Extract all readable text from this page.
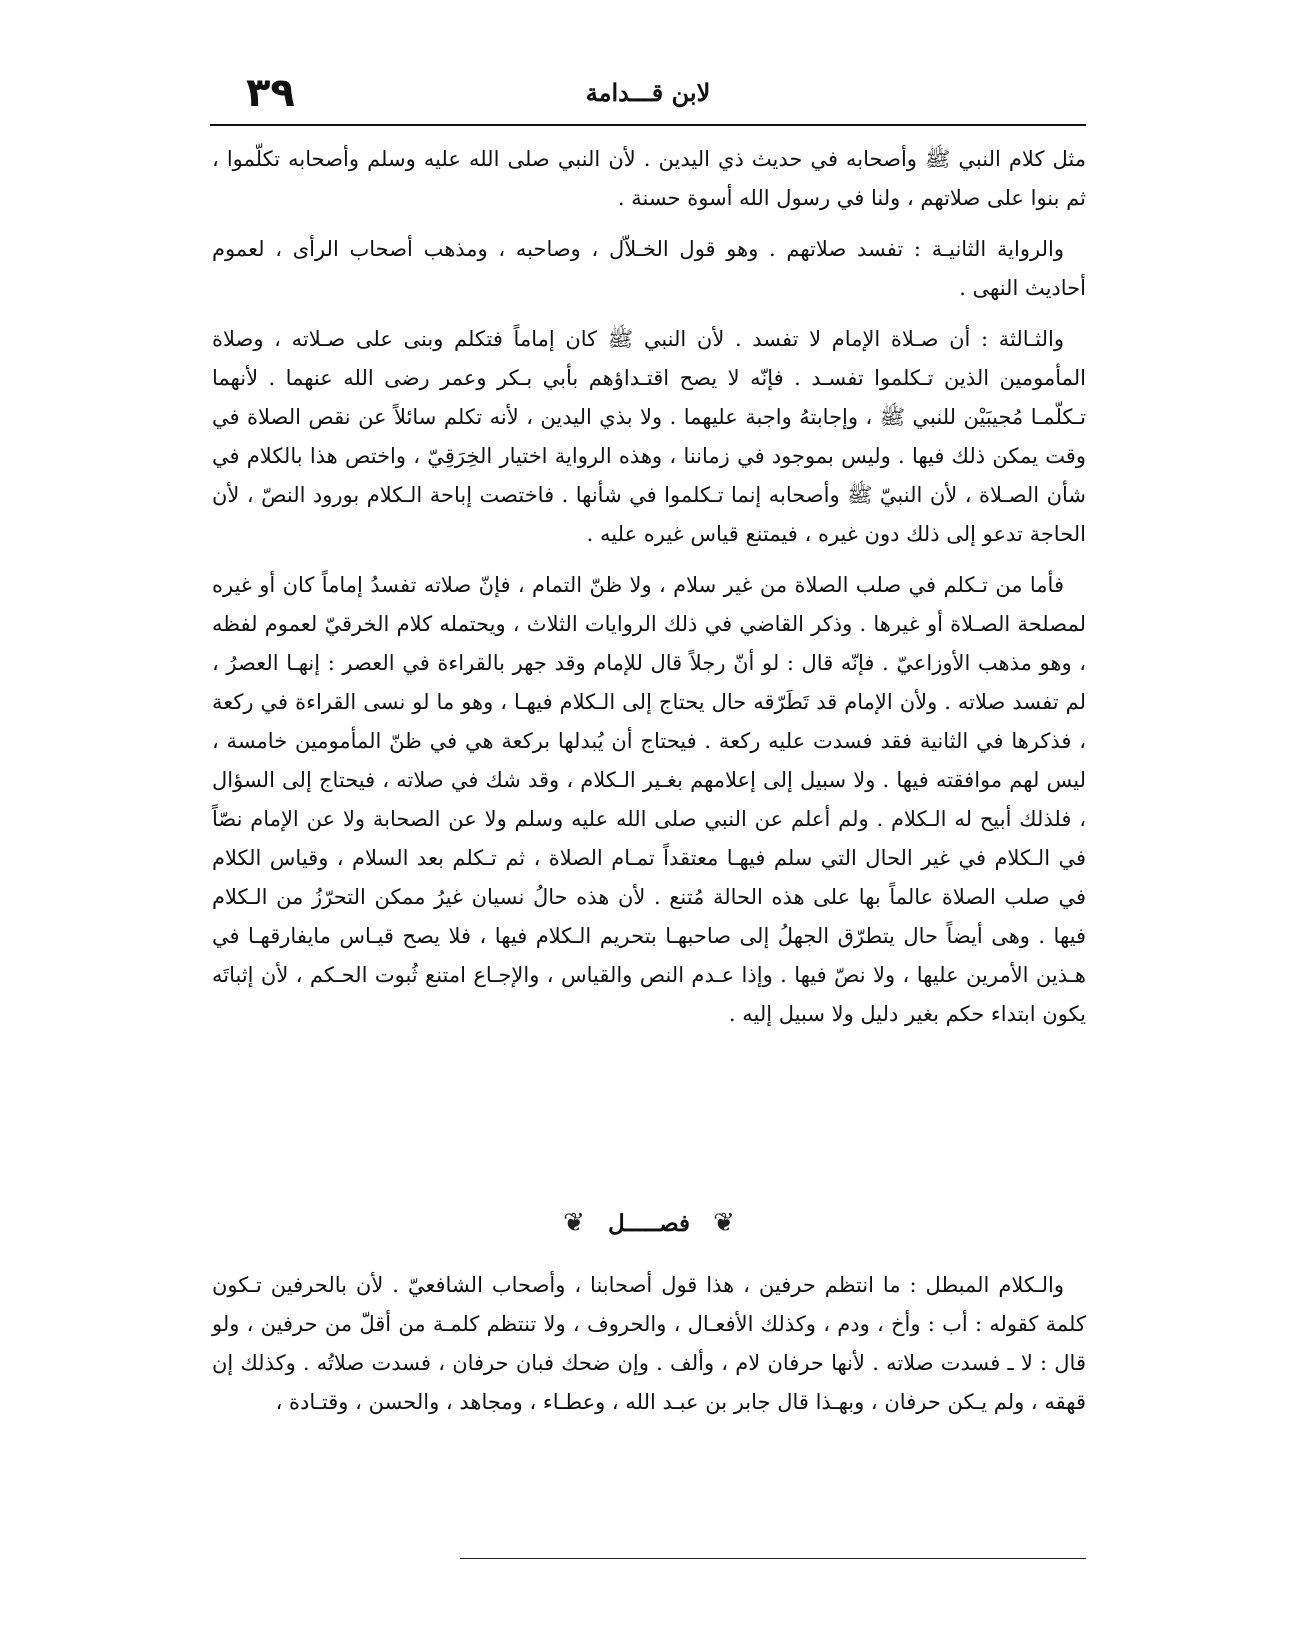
لابن قـــدامة
٣٩

مثل كلام النبي ﷺ وأصحابه في حديث ذي اليدين . لأن النبي صلى الله عليه وسلم وأصحابه تكلّموا ، ثم بنوا على صلاتهم ، ولنا في رسول الله أسوة حسنة .

والرواية الثانيـة : تفسد صلاتهم . وهو قول الخـلاّل ، وصاحبه ، ومذهب أصحاب الرأى ، لعموم أحاديث النهى .

والثـالثة : أن صـلاة الإمام لا تفسد . لأن النبي ﷺ كان إماماً فتكلم وبنى على صـلاته ، وصلاة المأمومين الذين تـكلموا تفسـد . فإنّه لا يصح اقتـداؤهم بأبي بـكر وعمر رضى الله عنهما . لأنهما تـكلّمـا مُجيبَيْن للنبي ﷺ ، وإجابتهُ واجبة عليهما . ولا بذي اليدين ، لأنه تكلم سائلاً عن نقص الصلاة في وقت يمكن ذلك فيها . وليس بموجود في زماننا ، وهذه الرواية اختيار الخِرَقِيّ ، واختص هذا بالكلام في شأن الصـلاة ، لأن النبيّ ﷺ وأصحابه إنما تـكلموا في شأنها . فاختصت إباحة الـكلام بورود النصّ ، لأن الحاجة تدعو إلى ذلك دون غيره ، فيمتنع قياس غيره عليه .

فأما من تـكلم في صلب الصلاة من غير سلام ، ولا ظنّ التمام ، فإنّ صلاته تفسدُ إماماً كان أو غيره لمصلحة الصـلاة أو غيرها . وذكر القاضي في ذلك الروايات الثلاث ، ويحتمله كلام الخرقيّ لعموم لفظه ، وهو مذهب الأوزاعيّ . فإنّه قال : لو أنّ رجلاً قال للإمام وقد جهر بالقراءة في العصر : إنهـا العصرُ ، لم تفسد صلاته . ولأن الإمام قد تَطَرّقه حال يحتاج إلى الـكلام فيهـا ، وهو ما لو نسى القراءة في ركعة ، فذكرها في الثانية فقد فسدت عليه ركعة . فيحتاج أن يُبدلها بركعة هي في ظنّ المأمومين خامسة ، ليس لهم موافقته فيها . ولا سبيل إلى إعلامهم بغـير الـكلام ، وقد شك في صلاته ، فيحتاج إلى السؤال ، فلذلك أبيح له الـكلام . ولم أعلم عن النبي صلى الله عليه وسلم ولا عن الصحابة ولا عن الإمام نصّاً في الـكلام في غير الحال التي سلم فيهـا معتقداً تمـام الصلاة ، ثم تـكلم بعد السلام ، وقياس الكلام في صلب الصلاة عالماً بها على هذه الحالة مُتنع . لأن هذه حالُ نسيان غيرُ ممكن التحرّزُ من الـكلام فيها . وهى أيضاً حال يتطرّق الجهلُ إلى صاحبهـا بتحريم الـكلام فيها ، فلا يصح قيـاس مايفارقهـا في هـذين الأمرين عليها ، ولا نصّ فيها . وإذا عـدم النص والقياس ، والإجـاع امتنع ثُبوت الحـكم ، لأن إثباتَه يكون ابتداء حكم بغير دليل ولا سبيل إليه .

❦ فصـــــل ❦

والـكلام المبطل : ما انتظم حرفين ، هذا قول أصحابنا ، وأصحاب الشافعيّ . لأن بالحرفين تـكون كلمة كقوله : أب : وأخ ، ودم ، وكذلك الأفعـال ، والحروف ، ولا تنتظم كلمـة من أقلّ من حرفين ، ولو قال : لا ـ فسدت صلاته . لأنها حرفان لام ، وألف . وإن ضحك فبان حرفان ، فسدت صلاتُه . وكذلك إن قهقه ، ولم يـكن حرفان ، وبهـذا قال جابر بن عبـد الله ، وعطـاء ، ومجاهد ، والحسن ، وقتـادة ،
